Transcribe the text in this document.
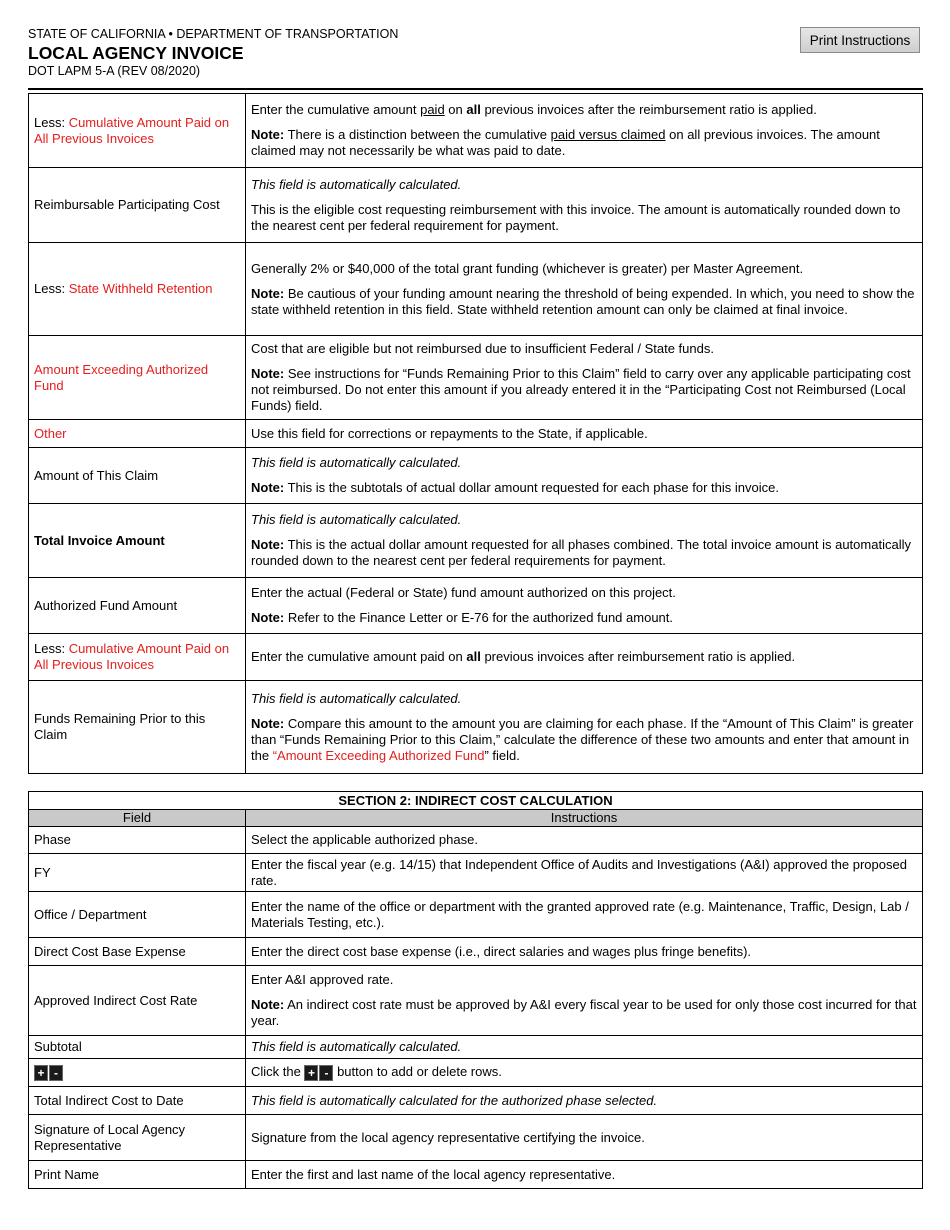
STATE OF CALIFORNIA • DEPARTMENT OF TRANSPORTATION
LOCAL AGENCY INVOICE
DOT LAPM 5-A (REV 08/2020)
Print Instructions
Less: Cumulative Amount Paid on All Previous Invoices	Enter the cumulative amount paid on all previous invoices after the reimbursement ratio is applied.

Note: There is a distinction between the cumulative paid versus claimed on all previous invoices. The amount claimed may not necessarily be what was paid to date.

Reimbursable Participating Cost	This field is automatically calculated.

This is the eligible cost requesting reimbursement with this invoice. The amount is automatically rounded down to the nearest cent per federal requirement for payment.

Less: State Withheld Retention	Generally 2% or $40,000 of the total grant funding (whichever is greater) per Master Agreement.

Note: Be cautious of your funding amount nearing the threshold of being expended. In which, you need to show the state withheld retention in this field. State withheld retention amount can only be claimed at final invoice.

Amount Exceeding Authorized Fund	Cost that are eligible but not reimbursed due to insufficient Federal / State funds.

Note: See instructions for “Funds Remaining Prior to this Claim” field to carry over any applicable participating cost not reimbursed. Do not enter this amount if you already entered it in the “Participating Cost not Reimbursed (Local Funds) field.

Other	Use this field for corrections or repayments to the State, if applicable.
Amount of This Claim	This field is automatically calculated.

Note: This is the subtotals of actual dollar amount requested for each phase for this invoice.

Total Invoice Amount	This field is automatically calculated.

Note: This is the actual dollar amount requested for all phases combined. The total invoice amount is automatically rounded down to the nearest cent per federal requirements for payment.

Authorized Fund Amount	Enter the actual (Federal or State) fund amount authorized on this project.

Note: Refer to the Finance Letter or E-76 for the authorized fund amount.

Less: Cumulative Amount Paid on All Previous Invoices	Enter the cumulative amount paid on all previous invoices after reimbursement ratio is applied.

Funds Remaining Prior to this Claim	This field is automatically calculated.

Note: Compare this amount to the amount you are claiming for each phase. If the “Amount of This Claim” is greater than “Funds Remaining Prior to this Claim,” calculate the difference of these two amounts and enter that amount in the “Amount Exceeding Authorized Fund” field.

SECTION 2: INDIRECT COST CALCULATION	
Field	Instructions
Phase	Select the applicable authorized phase.
FY	Enter the fiscal year (e.g. 14/15) that Independent Office of Audits and Investigations (A&I) approved the proposed rate.
Office / Department	Enter the name of the office or department with the granted approved rate (e.g. Maintenance, Traffic, Design, Lab / Materials Testing, etc.).
Direct Cost Base Expense	Enter the direct cost base expense (i.e., direct salaries and wages plus fringe benefits).
Approved Indirect Cost Rate	Enter A&I approved rate.

Note: An indirect cost rate must be approved by A&I every fiscal year to be used for only those cost incurred for that year.

Subtotal	This field is automatically calculated.

+ -	Click the + - button to add or delete rows.
Total Indirect Cost to Date	This field is automatically calculated for the authorized phase selected.
Signature of Local Agency Representative	Signature from the local agency representative certifying the invoice.
Print Name	Enter the first and last name of the local agency representative.
